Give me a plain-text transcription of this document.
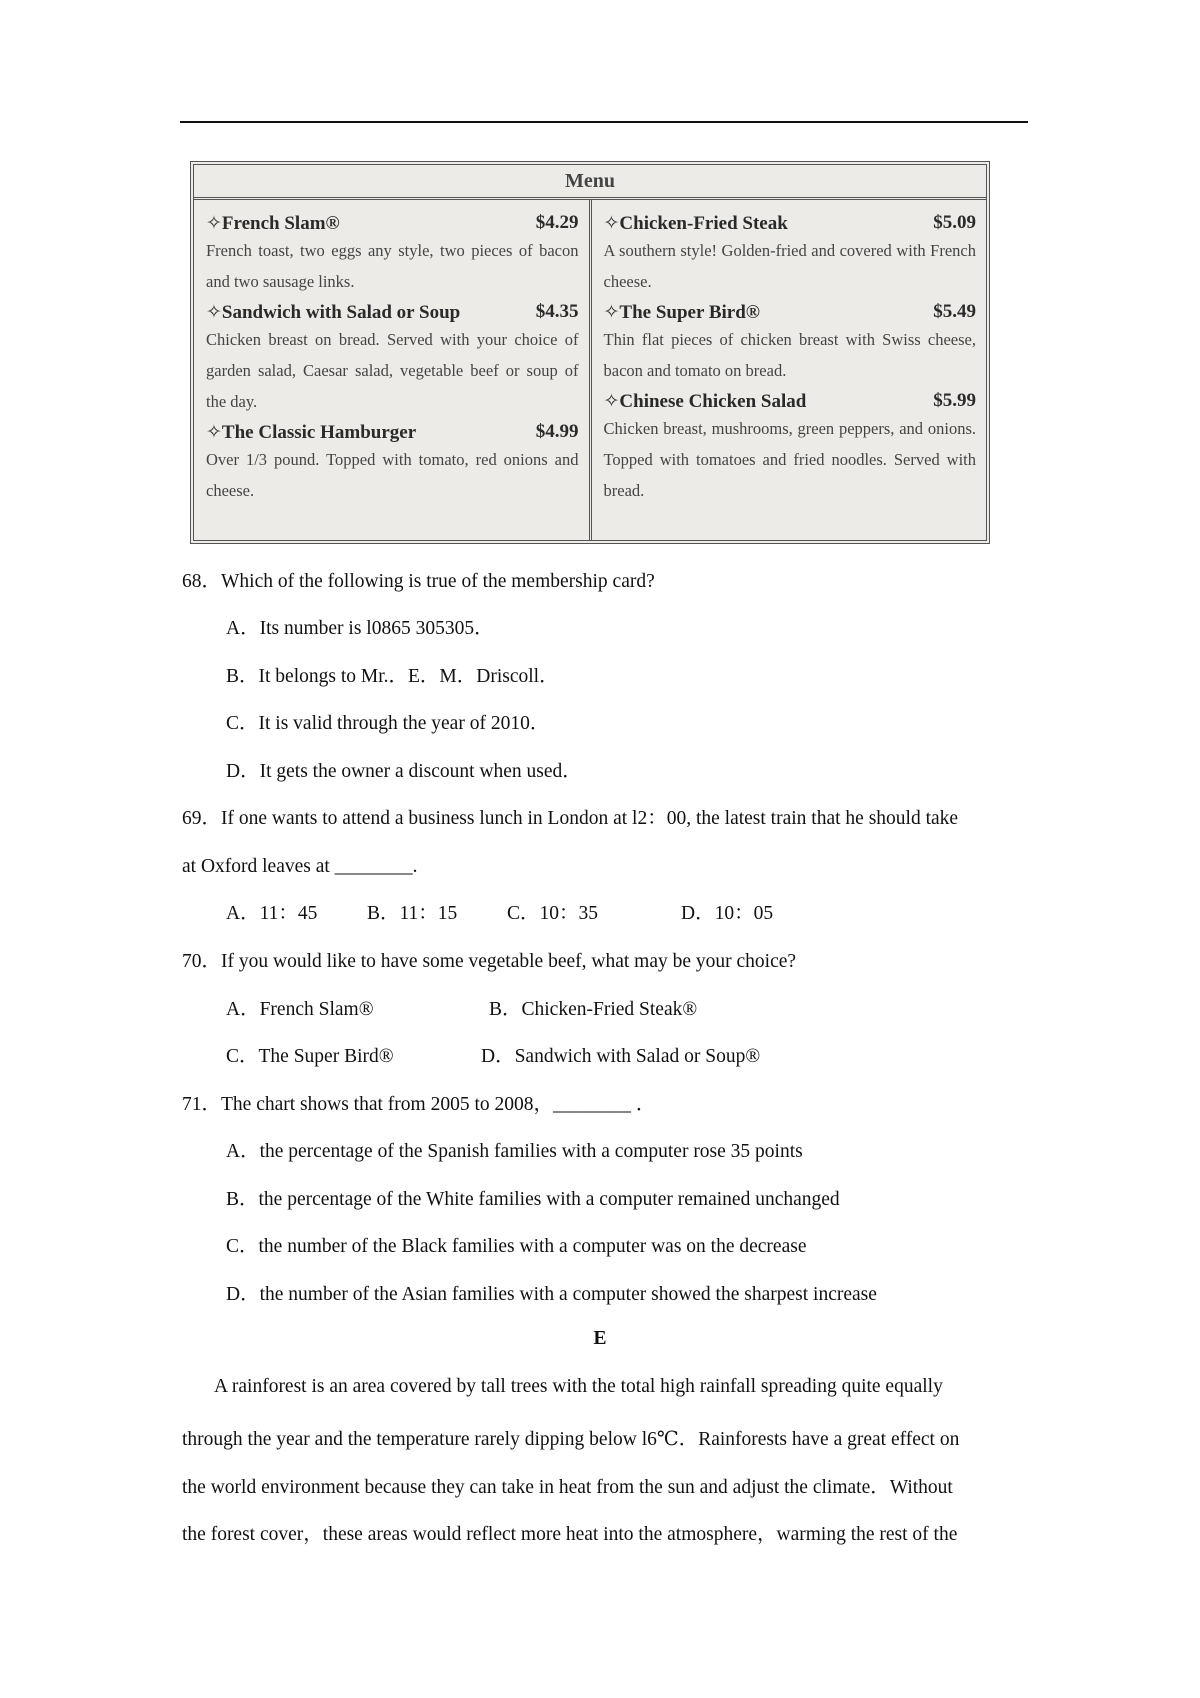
Menu
✧ French Slam®	$4.29
French toast, two eggs any style, two pieces of bacon and two sausage links.
✧ Sandwich with Salad or Soup	$4.35
Chicken breast on bread. Served with your choice of garden salad, Caesar salad, vegetable beef or soup of the day.
✧ The Classic Hamburger	$4.99
Over 1/3 pound. Topped with tomato, red onions and cheese.
✧ Chicken-Fried Steak	$5.09
A southern style! Golden-fried and covered with French cheese.
✧ The Super Bird®	$5.49
Thin flat pieces of chicken breast with Swiss cheese, bacon and tomato on bread.
✧ Chinese Chicken Salad	$5.99
Chicken breast, mushrooms, green peppers, and onions. Topped with tomatoes and fried noodles. Served with bread.
68．Which of the following is true of the membership card?
A．Its number is l0865 305305．
B．It belongs to Mr.．E．M．Driscoll．
C．It is valid through the year of 2010．
D．It gets the owner a discount when used．
69．If one wants to attend a business lunch in London at l2：00, the latest train that he should take
at Oxford leaves at ________.
A．11：45	B．11：15	C．10：35	D．10：05
70．If you would like to have some vegetable beef, what may be your choice?
A．French Slam®	B．Chicken-Fried Steak®
C．The Super Bird®	D．Sandwich with Salad or Soup®
71．The chart shows that from 2005 to 2008，________ ．
A．the percentage of the Spanish families with a computer rose 35 points
B．the percentage of the White families with a computer remained unchanged
C．the number of the Black families with a computer was on the decrease
D．the number of the Asian families with a computer showed the sharpest increase
E
A rainforest is an area covered by tall trees with the total high rainfall spreading quite equally
through the year and the temperature rarely dipping below l6℃．Rainforests have a great effect on
the world environment because they can take in heat from the sun and adjust the climate．Without
the forest cover，these areas would reflect more heat into the atmosphere，warming the rest of the
